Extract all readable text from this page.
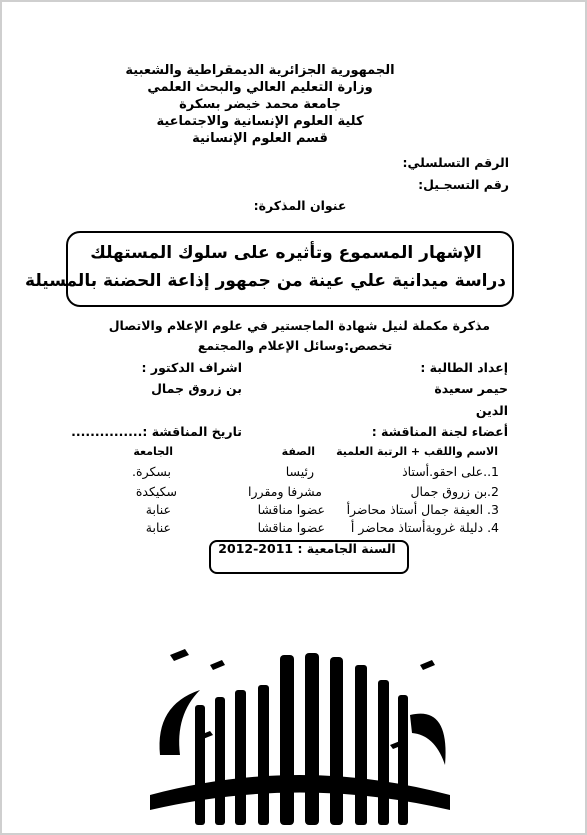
الجمهورية الجزائرية الديمقراطية والشعبية
وزارة التعليم العالي والبحث العلمي
جامعة محمد خيضر بسكرة
كلية العلوم الإنسانية والاجتماعية
قسم العلوم الإنسانية
الرقم التسلسلي:
رقم التسجـيل:
عنوان المذكرة:
الإشهار المسموع وتأثيره على سلوك المستهلك
دراسة ميدانية علي عينة من جمهور إذاعة الحضنة بالمسيلة
مذكرة مكملة لنيل شهادة الماجستير في علوم الإعلام والاتصال
تخصص:وسائل الإعلام والمجتمع
إعداد الطالبة :
اشراف الدكتور :
حيمر سعيدة
بن زروق جمال
الدين
أعضاء لجنة المناقشة :
تاريخ المناقشة :...............
الاسم واللقب + الرتبة العلمية
الصفة
الجامعة
1..على احقو.أستاذ
رئيسا
بسكرة.
2.بن زروق جمال
مشرفا ومقررا
سكيكدة
3. العيفة جمال أستاذ محاضرأ
عضوا مناقشا
عنابة
4. دليلة غروبةأستاذ محاضر أ
عضوا مناقشا
عنابة
السنة الجامعية : 2011-2012
